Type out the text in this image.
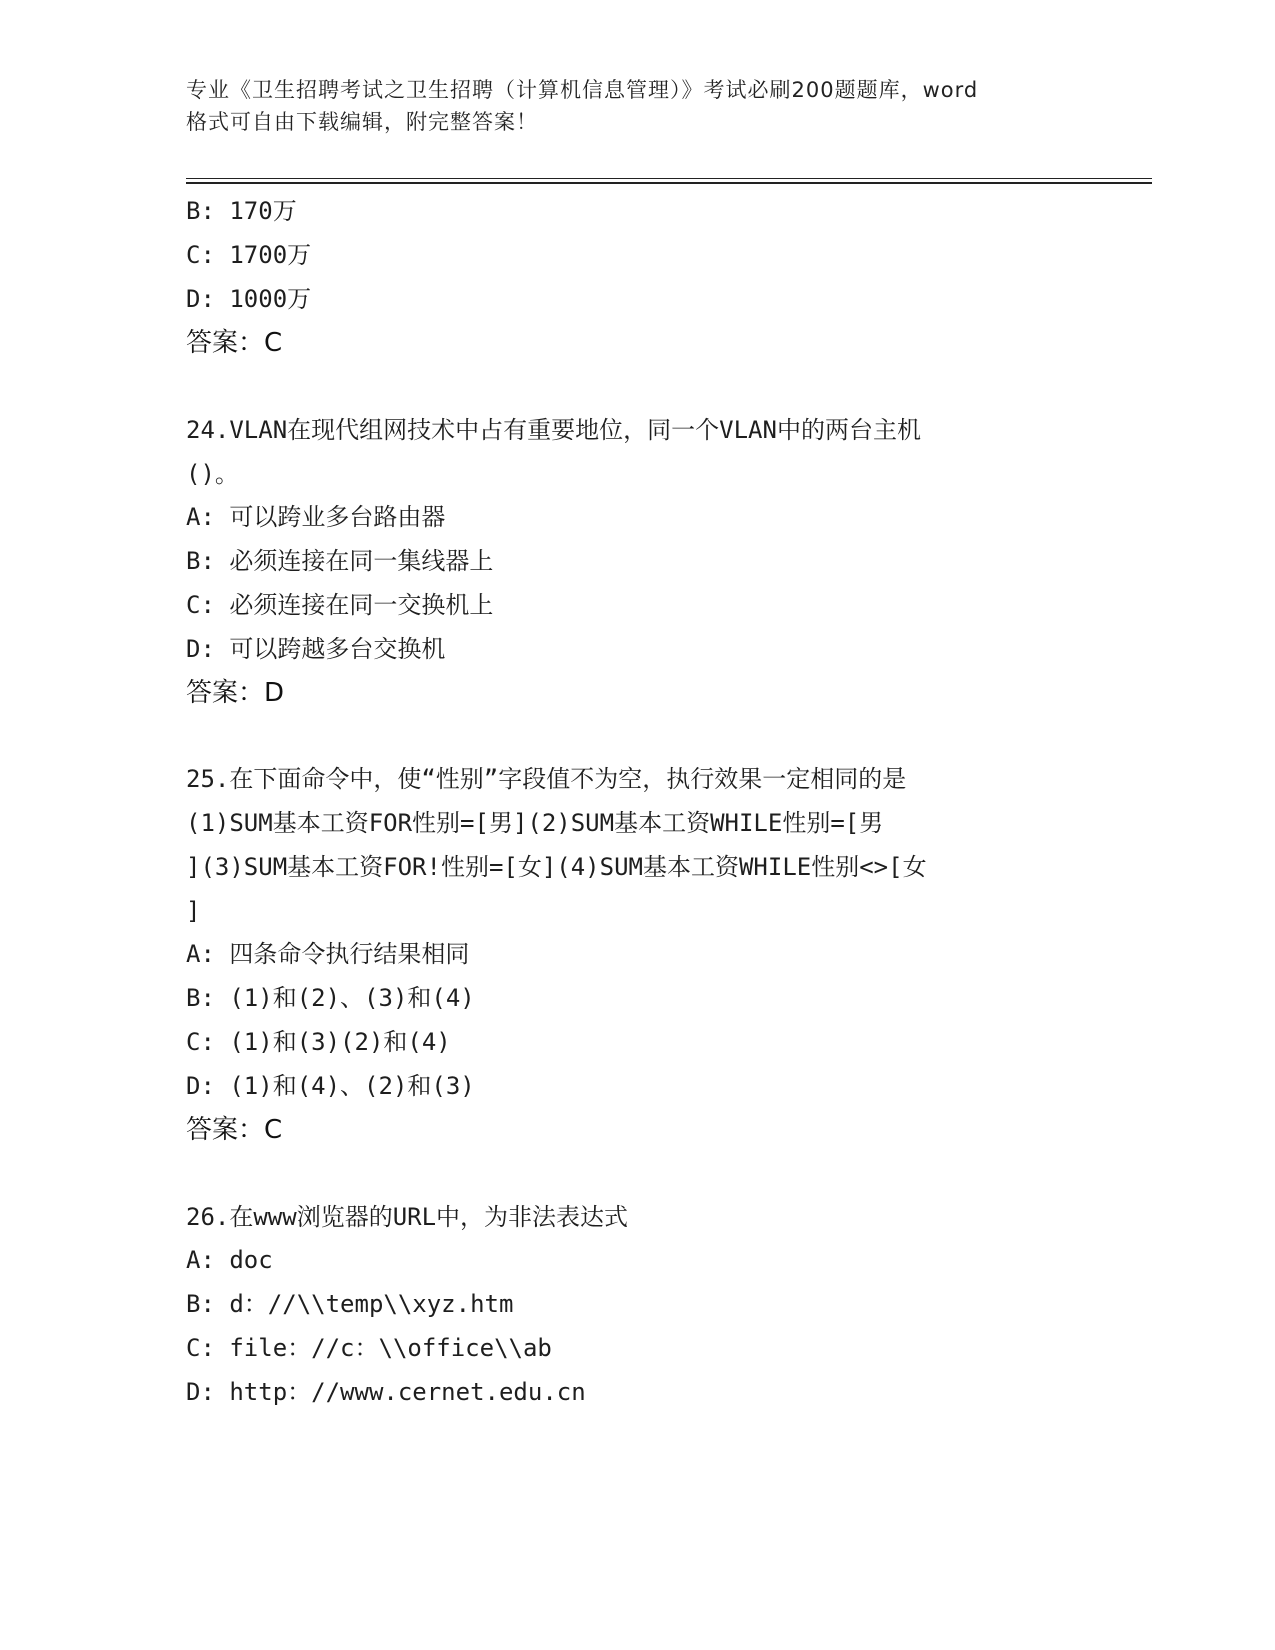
专业《卫生招聘考试之卫生招聘（计算机信息管理）》考试必刷200题题库，word
格式可自由下载编辑，附完整答案！
B: 170万
C: 1700万
D: 1000万
答案：C
24.VLAN在现代组网技术中占有重要地位，同一个VLAN中的两台主机
()。
A: 可以跨业多台路由器
B: 必须连接在同一集线器上
C: 必须连接在同一交换机上
D: 可以跨越多台交换机
答案：D
25.在下面命令中，使“性别”字段值不为空，执行效果一定相同的是
(1)SUM基本工资FOR性别=[男](2)SUM基本工资WHILE性别=[男
](3)SUM基本工资FOR!性别=[女](4)SUM基本工资WHILE性别<>[女
]
A: 四条命令执行结果相同
B: (1)和(2)、(3)和(4)
C: (1)和(3)(2)和(4)
D: (1)和(4)、(2)和(3)
答案：C
26.在www浏览器的URL中，为非法表达式
A: doc
B: d：//\\temp\\xyz.htm
C: file：//c：\\office\\ab
D: http：//www.cernet.edu.cn
